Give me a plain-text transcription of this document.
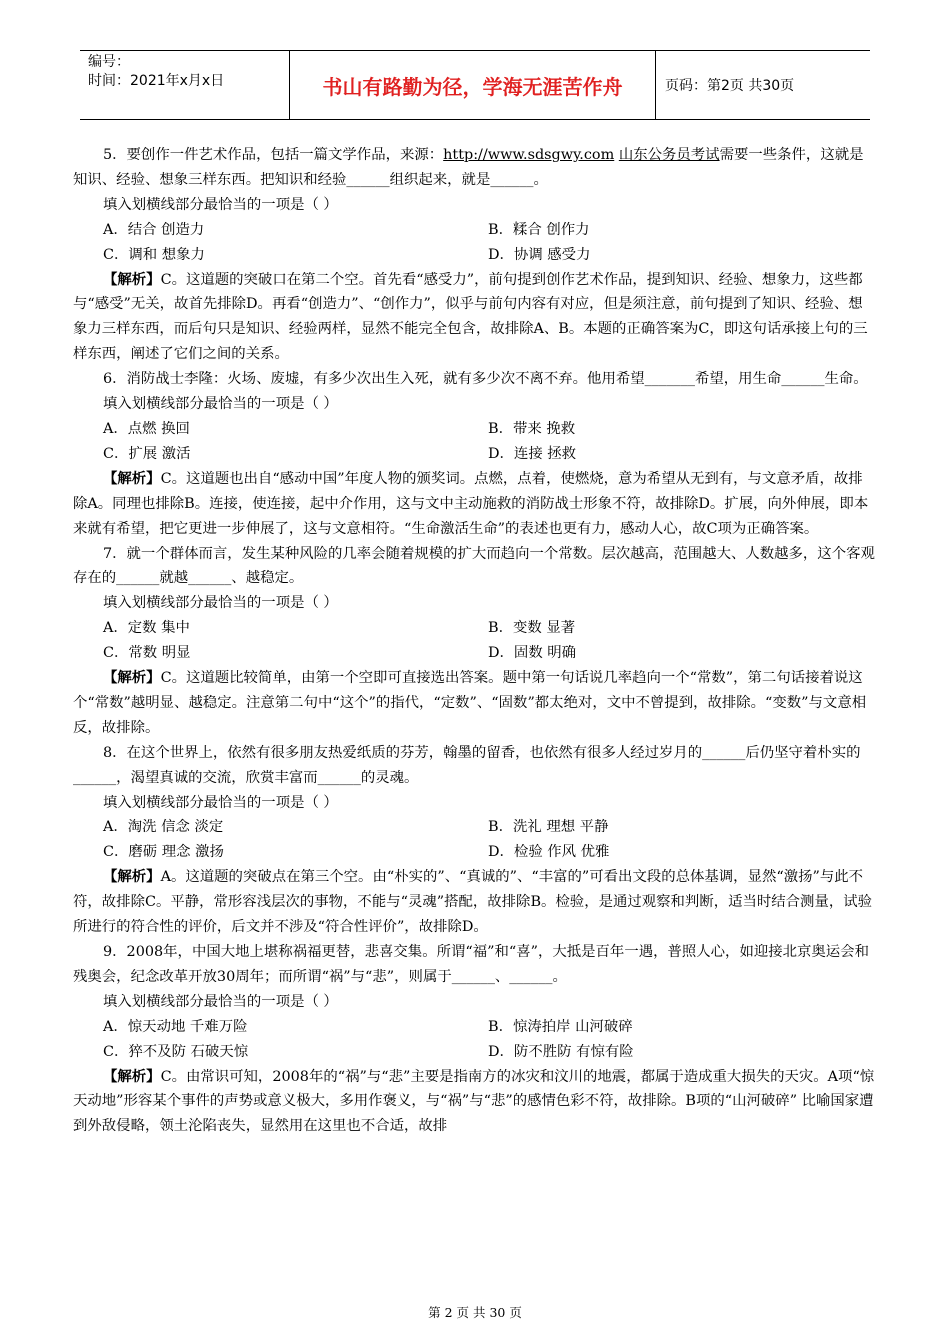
编号：
时间：2021年x月x日	书山有路勤为径，学海无涯苦作舟	页码：第2页 共30页

5．要创作一件艺术作品，包括一篇文学作品，来源：http://www.sdsgwy.com 山东公务员考试需要一些条件，这就是知识、经验、想象三样东西。把知识和经验______组织起来，就是______。

填入划横线部分最恰当的一项是（ ）

A．结合 创造力	B．糅合 创作力
C．调和 想象力	D．协调 感受力

【解析】C。这道题的突破口在第二个空。首先看“感受力”，前句提到创作艺术作品，提到知识、经验、想象力，这些都与“感受”无关，故首先排除D。再看“创造力”、“创作力”，似乎与前句内容有对应，但是须注意，前句提到了知识、经验、想象力三样东西，而后句只是知识、经验两样，显然不能完全包含，故排除A、B。本题的正确答案为C，即这句话承接上句的三样东西，阐述了它们之间的关系。

6．消防战士李隆：火场、废墟，有多少次出生入死，就有多少次不离不弃。他用希望_______希望，用生命______生命。

填入划横线部分最恰当的一项是（ ）

A．点燃 换回	B．带来 挽救
C．扩展 激活	D．连接 拯救

【解析】C。这道题也出自“感动中国”年度人物的颁奖词。点燃，点着，使燃烧，意为希望从无到有，与文意矛盾，故排除A。同理也排除B。连接，使连接，起中介作用，这与文中主动施救的消防战士形象不符，故排除D。扩展，向外伸展，即本来就有希望，把它更进一步伸展了，这与文意相符。“生命激活生命”的表述也更有力，感动人心，故C项为正确答案。

7．就一个群体而言，发生某种风险的几率会随着规模的扩大而趋向一个常数。层次越高，范围越大、人数越多，这个客观存在的______就越______、越稳定。

填入划横线部分最恰当的一项是（ ）

A．定数 集中	B．变数 显著
C．常数 明显	D．固数 明确

【解析】C。这道题比较简单，由第一个空即可直接选出答案。题中第一句话说几率趋向一个“常数”，第二句话接着说这个“常数”越明显、越稳定。注意第二句中“这个”的指代，“定数”、“固数”都太绝对，文中不曾提到，故排除。“变数”与文意相反，故排除。

8．在这个世界上，依然有很多朋友热爱纸质的芬芳，翰墨的留香，也依然有很多人经过岁月的______后仍坚守着朴实的______，渴望真诚的交流，欣赏丰富而______的灵魂。

填入划横线部分最恰当的一项是（ ）

A．淘洗 信念 淡定	B．洗礼 理想 平静
C．磨砺 理念 激扬	D．检验 作风 优雅

【解析】A。这道题的突破点在第三个空。由“朴实的”、“真诚的”、“丰富的”可看出文段的总体基调，显然“激扬”与此不符，故排除C。平静，常形容浅层次的事物，不能与“灵魂”搭配，故排除B。检验，是通过观察和判断，适当时结合测量，试验所进行的符合性的评价，后文并不涉及“符合性评价”，故排除D。

9．2008年，中国大地上堪称祸福更替，悲喜交集。所谓“福”和“喜”，大抵是百年一遇，普照人心，如迎接北京奥运会和残奥会，纪念改革开放30周年；而所谓“祸”与“悲”，则属于______、______。

填入划横线部分最恰当的一项是（ ）

A．惊天动地 千难万险	B．惊涛拍岸 山河破碎
C．猝不及防 石破天惊	D．防不胜防 有惊有险

【解析】C。由常识可知，2008年的“祸”与“悲”主要是指南方的冰灾和汶川的地震，都属于造成重大损失的天灾。A项“惊天动地”形容某个事件的声势或意义极大，多用作褒义，与“祸”与“悲”的感情色彩不符，故排除。B项的“山河破碎” 比喻国家遭到外敌侵略，领土沦陷丧失，显然用在这里也不合适，故排

第 2 页 共 30 页
